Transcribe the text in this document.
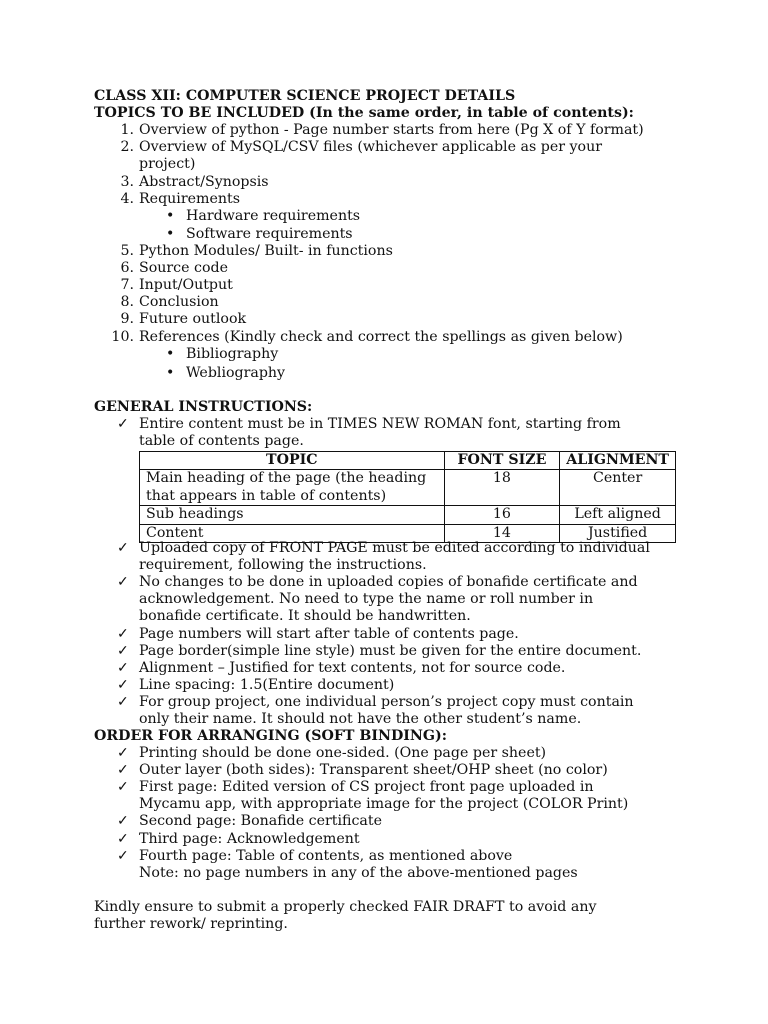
CLASS XII: COMPUTER SCIENCE PROJECT DETAILS
TOPICS TO BE INCLUDED (In the same order, in table of contents):
1. Overview of python - Page number starts from here (Pg X of Y format)
2. Overview of MySQL/CSV files (whichever applicable as per your
project)
3. Abstract/Synopsis
4. Requirements
• Hardware requirements
• Software requirements
5. Python Modules/ Built- in functions
6. Source code
7. Input/Output
8. Conclusion
9. Future outlook
10. References (Kindly check and correct the spellings as given below)
• Bibliography
• Webliography
GENERAL INSTRUCTIONS:
✓ Entire content must be in TIMES NEW ROMAN font, starting from
table of contents page.
TOPIC	FONT SIZE	ALIGNMENT

Main heading of the page (the heading
that appears in table of contents)	18	Center

Sub headings	16	Left aligned

Content	14	Justified
✓ Uploaded copy of FRONT PAGE must be edited according to individual
requirement, following the instructions.
✓ No changes to be done in uploaded copies of bonafide certificate and
acknowledgement. No need to type the name or roll number in
bonafide certificate. It should be handwritten.
✓ Page numbers will start after table of contents page.
✓ Page border(simple line style) must be given for the entire document.
✓ Alignment – Justified for text contents, not for source code.
✓ Line spacing: 1.5(Entire document)
✓ For group project, one individual person’s project copy must contain
only their name. It should not have the other student’s name.
ORDER FOR ARRANGING (SOFT BINDING):
✓ Printing should be done one-sided. (One page per sheet)
✓ Outer layer (both sides): Transparent sheet/OHP sheet (no color)
✓ First page: Edited version of CS project front page uploaded in
Mycamu app, with appropriate image for the project (COLOR Print)
✓ Second page: Bonafide certificate
✓ Third page: Acknowledgement
✓ Fourth page: Table of contents, as mentioned above
Note: no page numbers in any of the above-mentioned pages
Kindly ensure to submit a properly checked FAIR DRAFT to avoid any
further rework/ reprinting.
